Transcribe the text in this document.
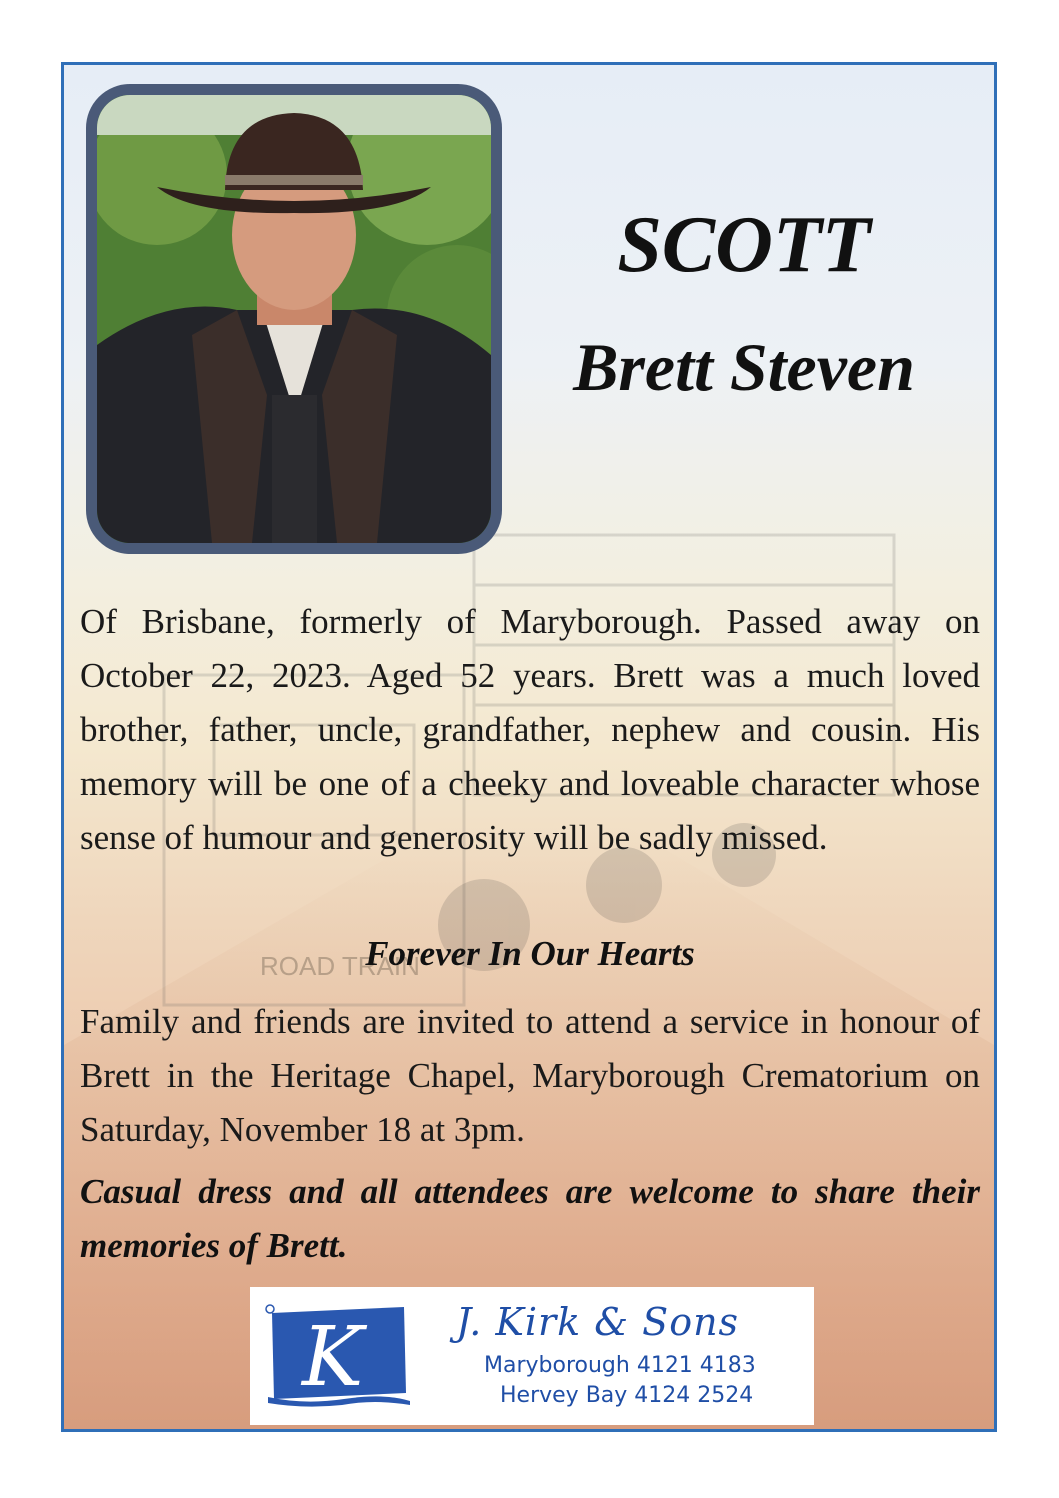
ROAD TRAIN
SCOTT
Brett Steven

Of Brisbane, formerly of Maryborough. Passed away on October 22, 2023. Aged 52 years. Brett was a much loved brother, father, uncle, grandfather, nephew and cousin. His memory will be one of a cheeky and loveable character whose sense of humour and generosity will be sadly missed.

Forever In Our Hearts

Family and friends are invited to attend a service in honour of Brett in the Heritage Chapel, Maryborough Crematorium on Saturday, November 18 at 3pm.

Casual dress and all attendees are welcome to share their memories of Brett.

K J. Kirk & Sons
Maryborough 4121 4183
Hervey Bay 4124 2524
